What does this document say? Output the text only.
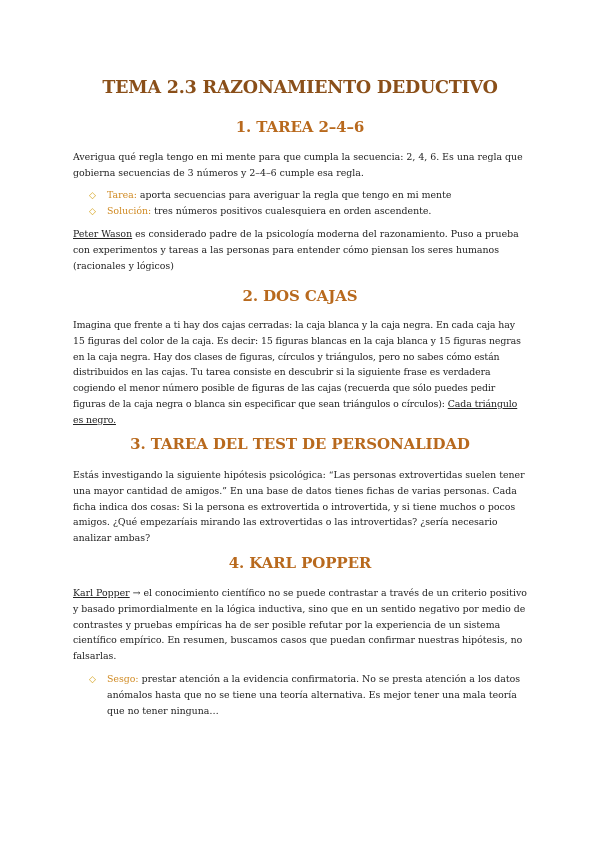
TEMA 2.3 RAZONAMIENTO DEDUCTIVO
1. TAREA 2–4–6
Averigua qué regla tengo en mi mente para que cumpla la secuencia: 2, 4, 6. Es una regla que gobierna secuencias de 3 números y 2–4–6 cumple esa regla.
◇ Tarea: aporta secuencias para averiguar la regla que tengo en mi mente
◇ Solución: tres números positivos cualesquiera en orden ascendente.
Peter Wason es considerado padre de la psicología moderna del razonamiento. Puso a prueba con experimentos y tareas a las personas para entender cómo piensan los seres humanos (racionales y lógicos)
2. DOS CAJAS
Imagina que frente a ti hay dos cajas cerradas: la caja blanca y la caja negra. En cada caja hay 15 figuras del color de la caja. Es decir: 15 figuras blancas en la caja blanca y 15 figuras negras en la caja negra. Hay dos clases de figuras, círculos y triángulos, pero no sabes cómo están distribuidos en las cajas. Tu tarea consiste en descubrir si la siguiente frase es verdadera cogiendo el menor número posible de figuras de las cajas (recuerda que sólo puedes pedir figuras de la caja negra o blanca sin especificar que sean triángulos o círculos): Cada triángulo es negro.
3. TAREA DEL TEST DE PERSONALIDAD
Estás investigando la siguiente hipótesis psicológica: “Las personas extrovertidas suelen tener una mayor cantidad de amigos.” En una base de datos tienes fichas de varias personas. Cada ficha indica dos cosas: Si la persona es extrovertida o introvertida, y si tiene muchos o pocos amigos. ¿Qué empezaríais mirando las extrovertidas o las introvertidas? ¿sería necesario analizar ambas?
4. KARL POPPER
Karl Popper → el conocimiento científico no se puede contrastar a través de un criterio positivo y basado primordialmente en la lógica inductiva, sino que en un sentido negativo por medio de contrastes y pruebas empíricas ha de ser posible refutar por la experiencia de un sistema científico empírico. En resumen, buscamos casos que puedan confirmar nuestras hipótesis, no falsarlas.
◇ Sesgo: prestar atención a la evidencia confirmatoria. No se presta atención a los datos anómalos hasta que no se tiene una teoría alternativa. Es mejor tener una mala teoría que no tener ninguna…
